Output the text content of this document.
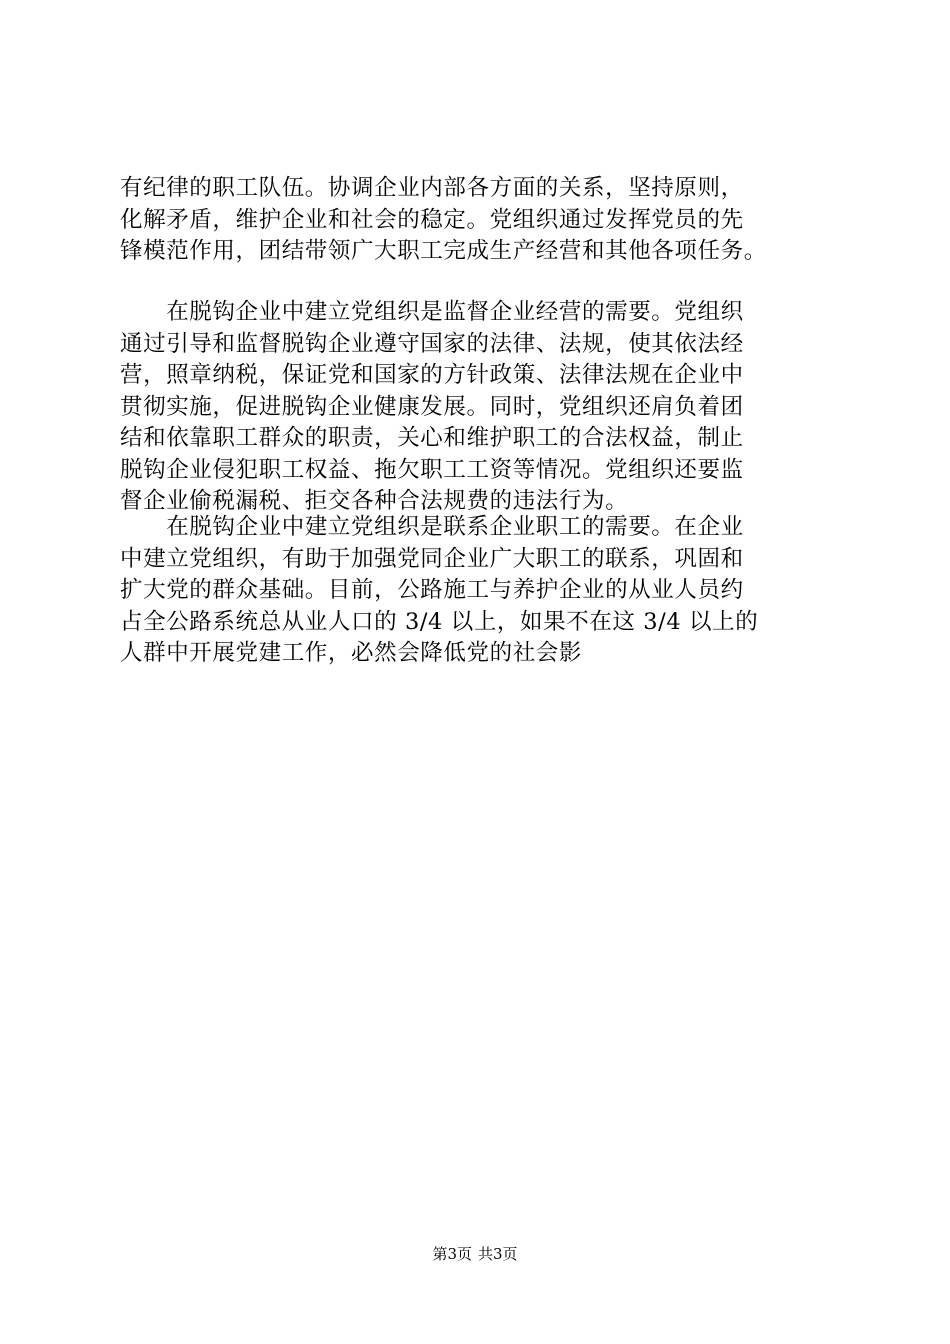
有纪律的职工队伍。协调企业内部各方面的关系，坚持原则，
化解矛盾，维护企业和社会的稳定。党组织通过发挥党员的先
锋模范作用，团结带领广大职工完成生产经营和其他各项任务。
　　在脱钩企业中建立党组织是监督企业经营的需要。党组织
通过引导和监督脱钩企业遵守国家的法律、法规，使其依法经
营，照章纳税，保证党和国家的方针政策、法律法规在企业中
贯彻实施，促进脱钩企业健康发展。同时，党组织还肩负着团
结和依靠职工群众的职责，关心和维护职工的合法权益，制止
脱钩企业侵犯职工权益、拖欠职工工资等情况。党组织还要监
督企业偷税漏税、拒交各种合法规费的违法行为。
　　在脱钩企业中建立党组织是联系企业职工的需要。在企业
中建立党组织，有助于加强党同企业广大职工的联系，巩固和
扩大党的群众基础。目前，公路施工与养护企业的从业人员约
占全公路系统总从业人口的 3/4 以上，如果不在这 3/4 以上的
人群中开展党建工作，必然会降低党的社会影
第3页 共3页
